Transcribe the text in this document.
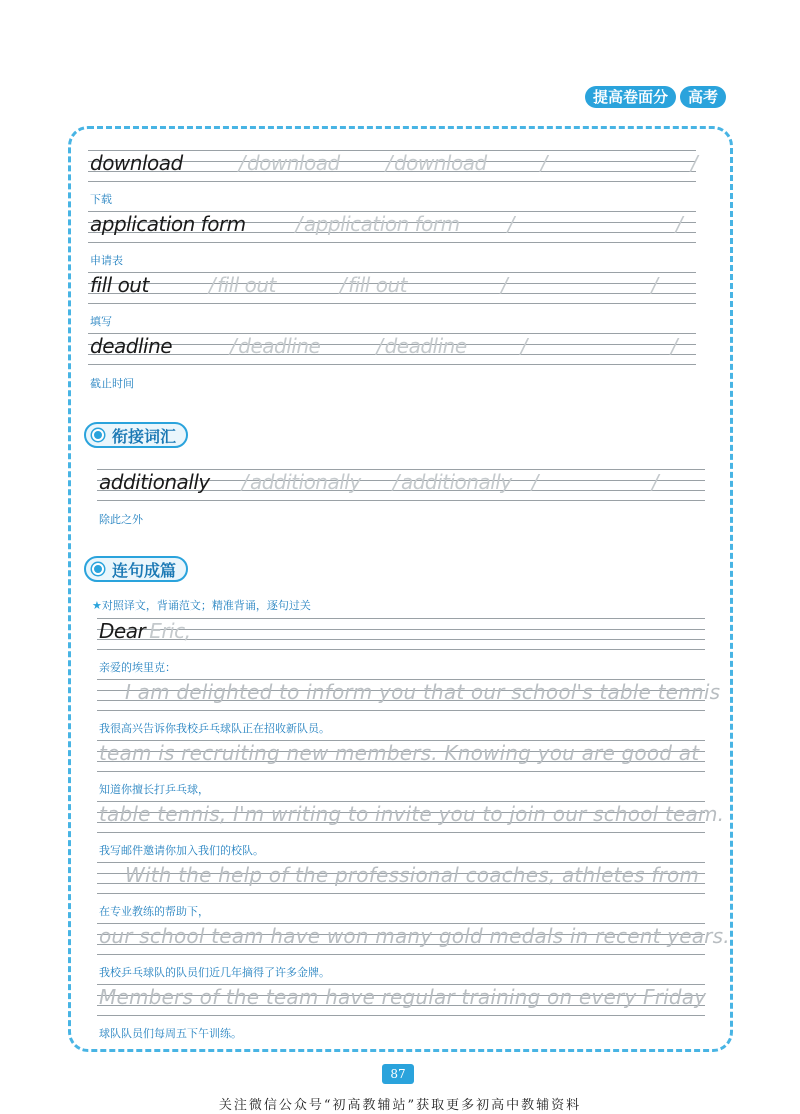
提高卷面分	高考
download	/ download / download	/	/
下载
application form	/ application form /	/
申请表
fill out	/ fill out	/ fill out	/	/
填写
deadline	/ deadline	/ deadline	/	/
截止时间
衔接词汇
additionally / additionally / additionally /	/
除此之外
连句成篇
★对照译文，背诵范文；精准背诵，逐句过关
Dear Eric,
亲爱的埃里克：
I am delighted to inform you that our school's table tennis
我很高兴告诉你我校乒乓球队正在招收新队员。
team is recruiting new members. Knowing you are good at
知道你擅长打乒乓球，
table tennis, I'm writing to invite you to join our school team.
我写邮件邀请你加入我们的校队。
With the help of the professional coaches, athletes from
在专业教练的帮助下，
our school team have won many gold medals in recent years.
我校乒乓球队的队员们近几年摘得了许多金牌。
Members of the team have regular training on every Friday
球队队员们每周五下午训练。
87
关注微信公众号“初高教辅站”获取更多初高中教辅资料
